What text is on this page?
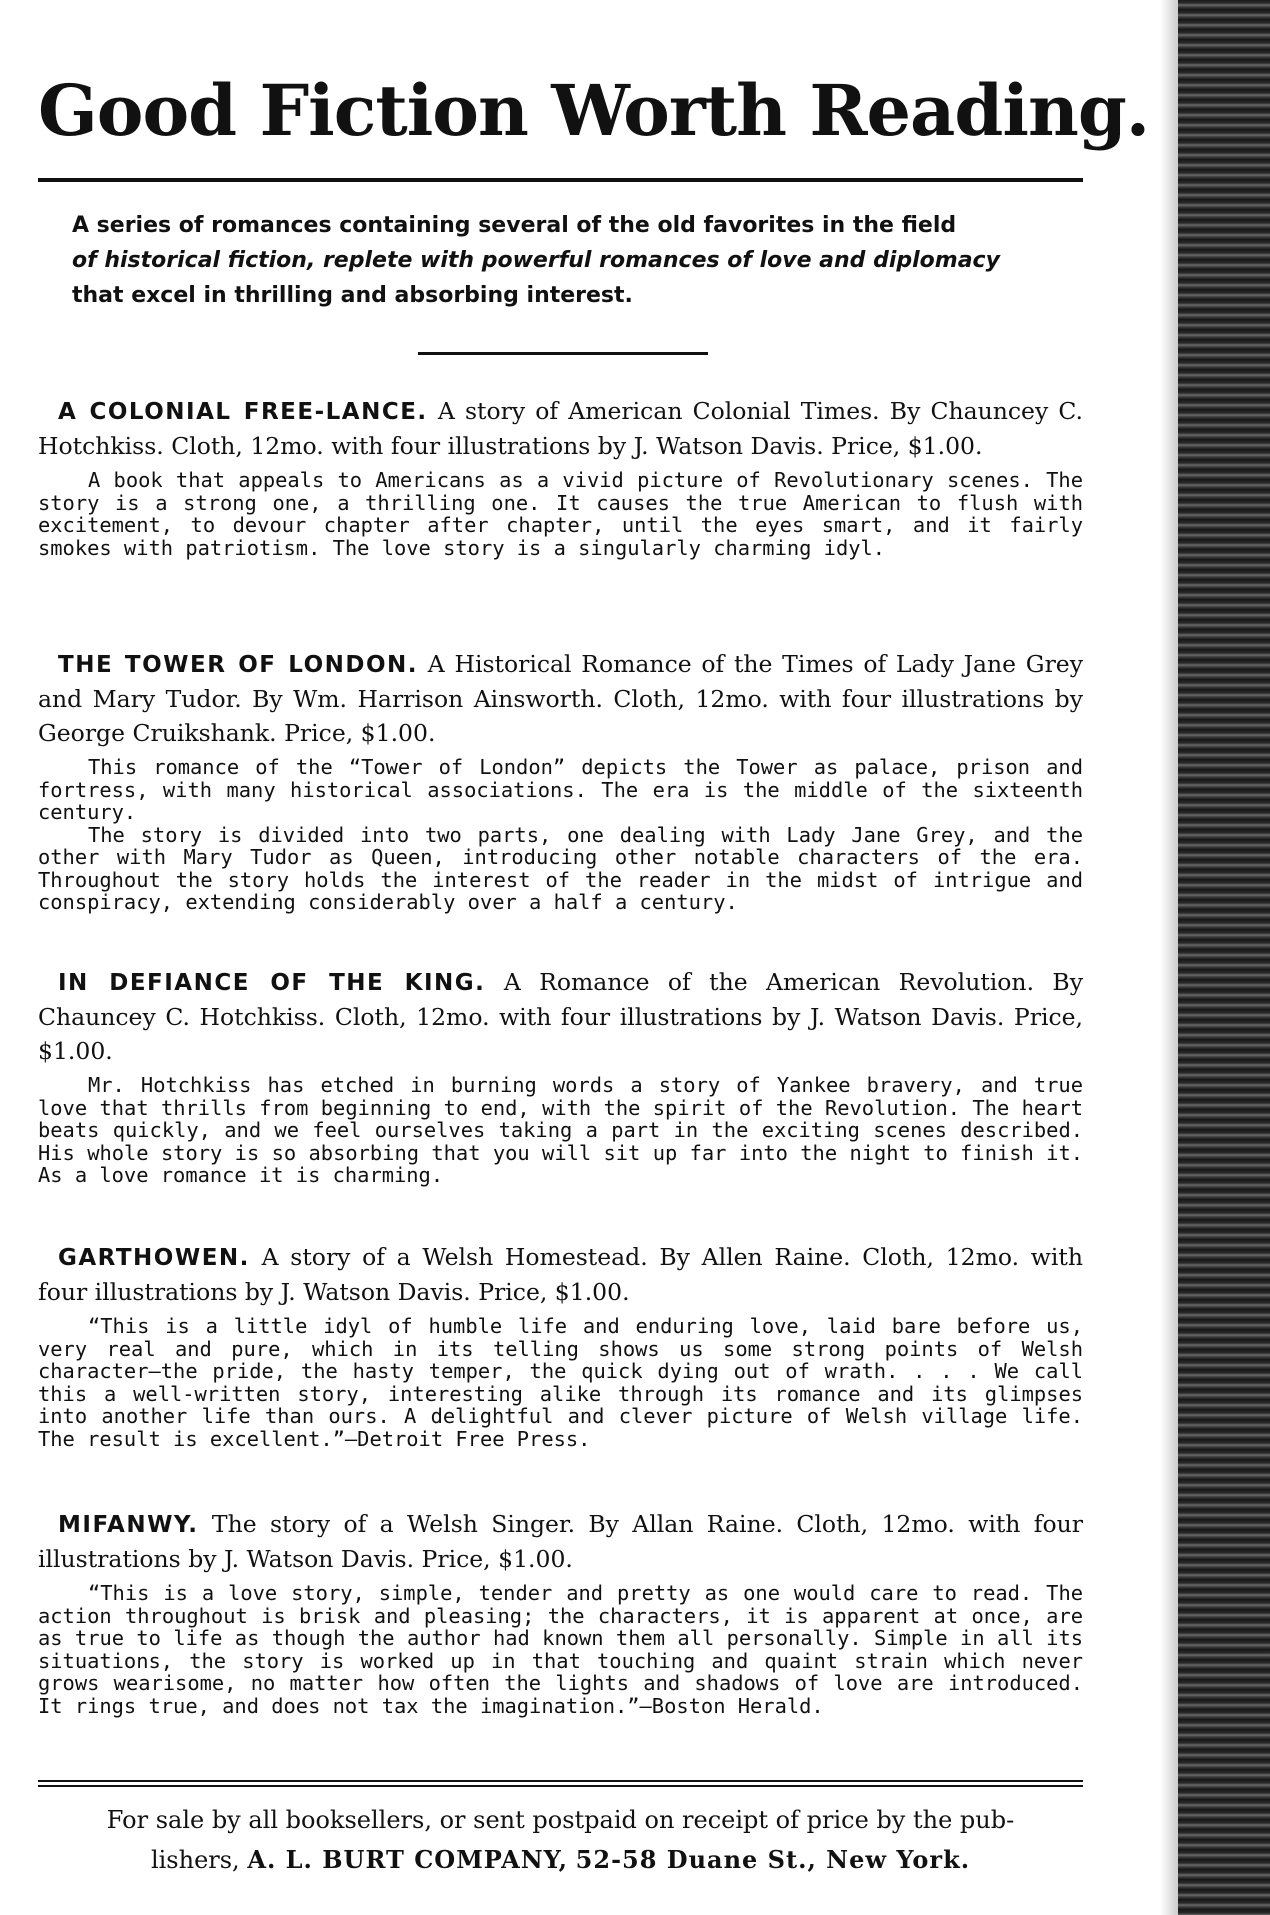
Good Fiction Worth Reading.
A series of romances containing several of the old favorites in the field
of historical fiction, replete with powerful romances of love and diplomacy
that excel in thrilling and absorbing interest.
A COLONIAL FREE-LANCE. A story of American Colonial Times. By Chauncey C. Hotchkiss. Cloth, 12mo. with four illustrations by J. Watson Davis. Price, $1.00.

A book that appeals to Americans as a vivid picture of Revolutionary scenes. The story is a strong one, a thrilling one. It causes the true American to flush with excitement, to devour chapter after chapter, until the eyes smart, and it fairly smokes with patriotism. The love story is a singularly charming idyl.

THE TOWER OF LONDON. A Historical Romance of the Times of Lady Jane Grey and Mary Tudor. By Wm. Harrison Ainsworth. Cloth, 12mo. with four illustrations by George Cruikshank. Price, $1.00.

This romance of the “Tower of London” depicts the Tower as palace, prison and fortress, with many historical associations. The era is the middle of the sixteenth century.

The story is divided into two parts, one dealing with Lady Jane Grey, and the other with Mary Tudor as Queen, introducing other notable characters of the era. Throughout the story holds the interest of the reader in the midst of intrigue and conspiracy, extending considerably over a half a century.

IN DEFIANCE OF THE KING. A Romance of the American Revolution. By Chauncey C. Hotchkiss. Cloth, 12mo. with four illustrations by J. Watson Davis. Price, $1.00.

Mr. Hotchkiss has etched in burning words a story of Yankee bravery, and true love that thrills from beginning to end, with the spirit of the Revolution. The heart beats quickly, and we feel ourselves taking a part in the exciting scenes described. His whole story is so absorbing that you will sit up far into the night to finish it. As a love romance it is charming.

GARTHOWEN. A story of a Welsh Homestead. By Allen Raine. Cloth, 12mo. with four illustrations by J. Watson Davis. Price, $1.00.

“This is a little idyl of humble life and enduring love, laid bare before us, very real and pure, which in its telling shows us some strong points of Welsh character—the pride, the hasty temper, the quick dying out of wrath. . . . We call this a well-written story, interesting alike through its romance and its glimpses into another life than ours. A delightful and clever picture of Welsh village life. The result is excellent.”—Detroit Free Press.

MIFANWY. The story of a Welsh Singer. By Allan Raine. Cloth, 12mo. with four illustrations by J. Watson Davis. Price, $1.00.

“This is a love story, simple, tender and pretty as one would care to read. The action throughout is brisk and pleasing; the characters, it is apparent at once, are as true to life as though the author had known them all personally. Simple in all its situations, the story is worked up in that touching and quaint strain which never grows wearisome, no matter how often the lights and shadows of love are introduced. It rings true, and does not tax the imagination.”—Boston Herald.

For sale by all booksellers, or sent postpaid on receipt of price by the pub-
lishers, A. L. BURT COMPANY, 52-58 Duane St., New York.
